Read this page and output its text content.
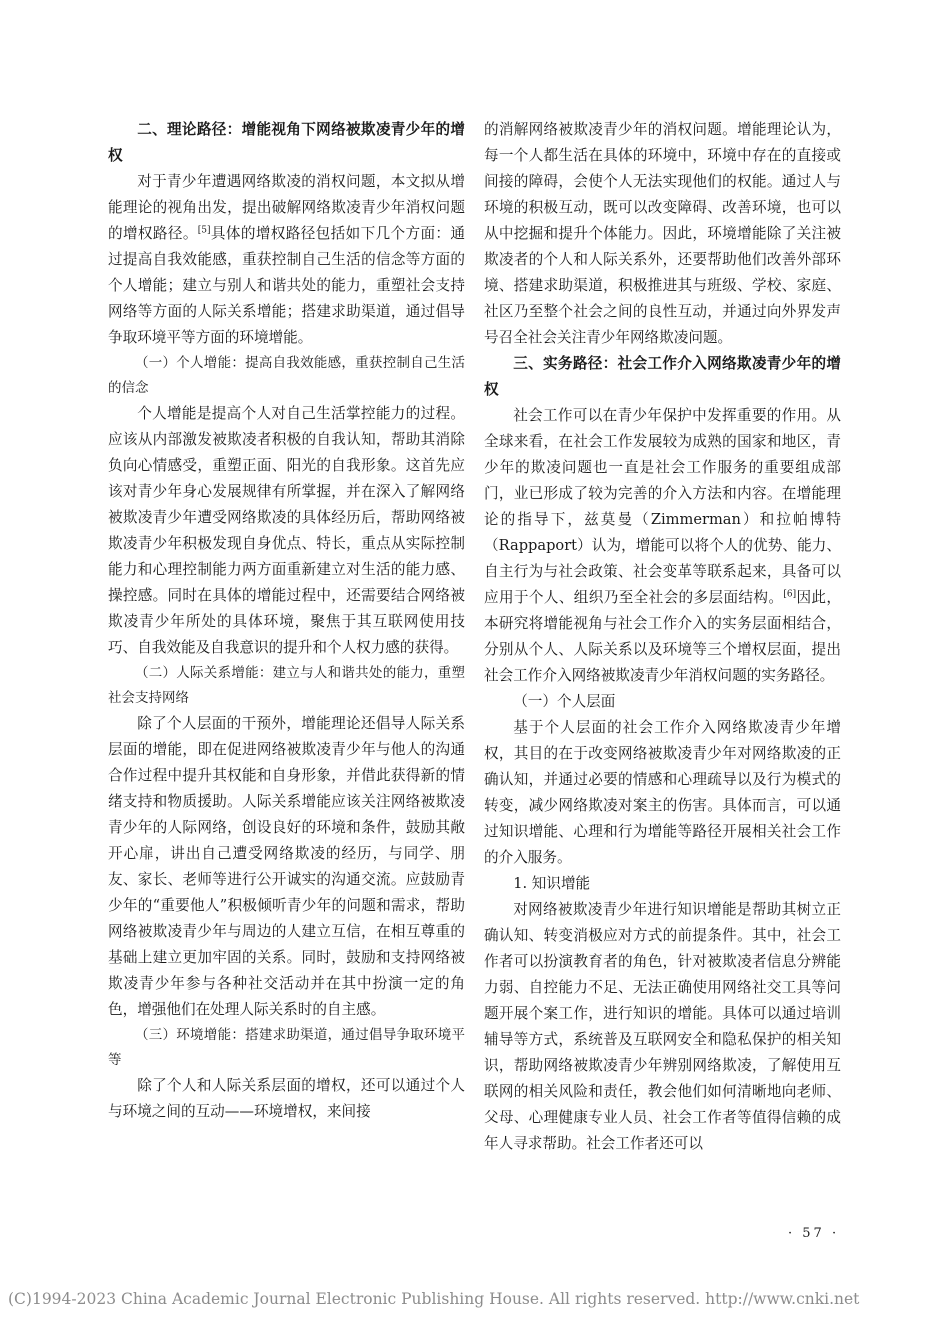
二、理论路径：增能视角下网络被欺凌青少年的增权

对于青少年遭遇网络欺凌的消权问题，本文拟从增能理论的视角出发，提出破解网络欺凌青少年消权问题的增权路径。[5]具体的增权路径包括如下几个方面：通过提高自我效能感，重获控制自己生活的信念等方面的个人增能；建立与别人和谐共处的能力，重塑社会支持网络等方面的人际关系增能；搭建求助渠道，通过倡导争取环境平等方面的环境增能。

（一）个人增能：提高自我效能感，重获控制自己生活的信念

个人增能是提高个人对自己生活掌控能力的过程。应该从内部激发被欺凌者积极的自我认知，帮助其消除负向心情感受，重塑正面、阳光的自我形象。这首先应该对青少年身心发展规律有所掌握，并在深入了解网络被欺凌青少年遭受网络欺凌的具体经历后，帮助网络被欺凌青少年积极发现自身优点、特长，重点从实际控制能力和心理控制能力两方面重新建立对生活的能力感、操控感。同时在具体的增能过程中，还需要结合网络被欺凌青少年所处的具体环境，聚焦于其互联网使用技巧、自我效能及自我意识的提升和个人权力感的获得。

（二）人际关系增能：建立与人和谐共处的能力，重塑社会支持网络

除了个人层面的干预外，增能理论还倡导人际关系层面的增能，即在促进网络被欺凌青少年与他人的沟通合作过程中提升其权能和自身形象，并借此获得新的情绪支持和物质援助。人际关系增能应该关注网络被欺凌青少年的人际网络，创设良好的环境和条件，鼓励其敞开心扉，讲出自己遭受网络欺凌的经历，与同学、朋友、家长、老师等进行公开诚实的沟通交流。应鼓励青少年的“重要他人”积极倾听青少年的问题和需求，帮助网络被欺凌青少年与周边的人建立互信，在相互尊重的基础上建立更加牢固的关系。同时，鼓励和支持网络被欺凌青少年参与各种社交活动并在其中扮演一定的角色，增强他们在处理人际关系时的自主感。

（三）环境增能：搭建求助渠道，通过倡导争取环境平等

除了个人和人际关系层面的增权，还可以通过个人与环境之间的互动——环境增权，来间接

的消解网络被欺凌青少年的消权问题。增能理论认为，每一个人都生活在具体的环境中，环境中存在的直接或间接的障碍，会使个人无法实现他们的权能。通过人与环境的积极互动，既可以改变障碍、改善环境，也可以从中挖掘和提升个体能力。因此，环境增能除了关注被欺凌者的个人和人际关系外，还要帮助他们改善外部环境、搭建求助渠道，积极推进其与班级、学校、家庭、社区乃至整个社会之间的良性互动，并通过向外界发声号召全社会关注青少年网络欺凌问题。

三、实务路径：社会工作介入网络欺凌青少年的增权

社会工作可以在青少年保护中发挥重要的作用。从全球来看，在社会工作发展较为成熟的国家和地区，青少年的欺凌问题也一直是社会工作服务的重要组成部门，业已形成了较为完善的介入方法和内容。在增能理论的指导下，兹莫曼（Zimmerman）和拉帕博特（Rappaport）认为，增能可以将个人的优势、能力、自主行为与社会政策、社会变革等联系起来，具备可以应用于个人、组织乃至全社会的多层面结构。[6]因此，本研究将增能视角与社会工作介入的实务层面相结合，分别从个人、人际关系以及环境等三个增权层面，提出社会工作介入网络被欺凌青少年消权问题的实务路径。

（一）个人层面

基于个人层面的社会工作介入网络欺凌青少年增权，其目的在于改变网络被欺凌青少年对网络欺凌的正确认知，并通过必要的情感和心理疏导以及行为模式的转变，减少网络欺凌对案主的伤害。具体而言，可以通过知识增能、心理和行为增能等路径开展相关社会工作的介入服务。

1. 知识增能

对网络被欺凌青少年进行知识增能是帮助其树立正确认知、转变消极应对方式的前提条件。其中，社会工作者可以扮演教育者的角色，针对被欺凌者信息分辨能力弱、自控能力不足、无法正确使用网络社交工具等问题开展个案工作，进行知识的增能。具体可以通过培训辅导等方式，系统普及互联网安全和隐私保护的相关知识，帮助网络被欺凌青少年辨别网络欺凌，了解使用互联网的相关风险和责任，教会他们如何清晰地向老师、父母、心理健康专业人员、社会工作者等值得信赖的成年人寻求帮助。社会工作者还可以

· 57 ·
(C)1994-2023 China Academic Journal Electronic Publishing House. All rights reserved. http://www.cnki.net
